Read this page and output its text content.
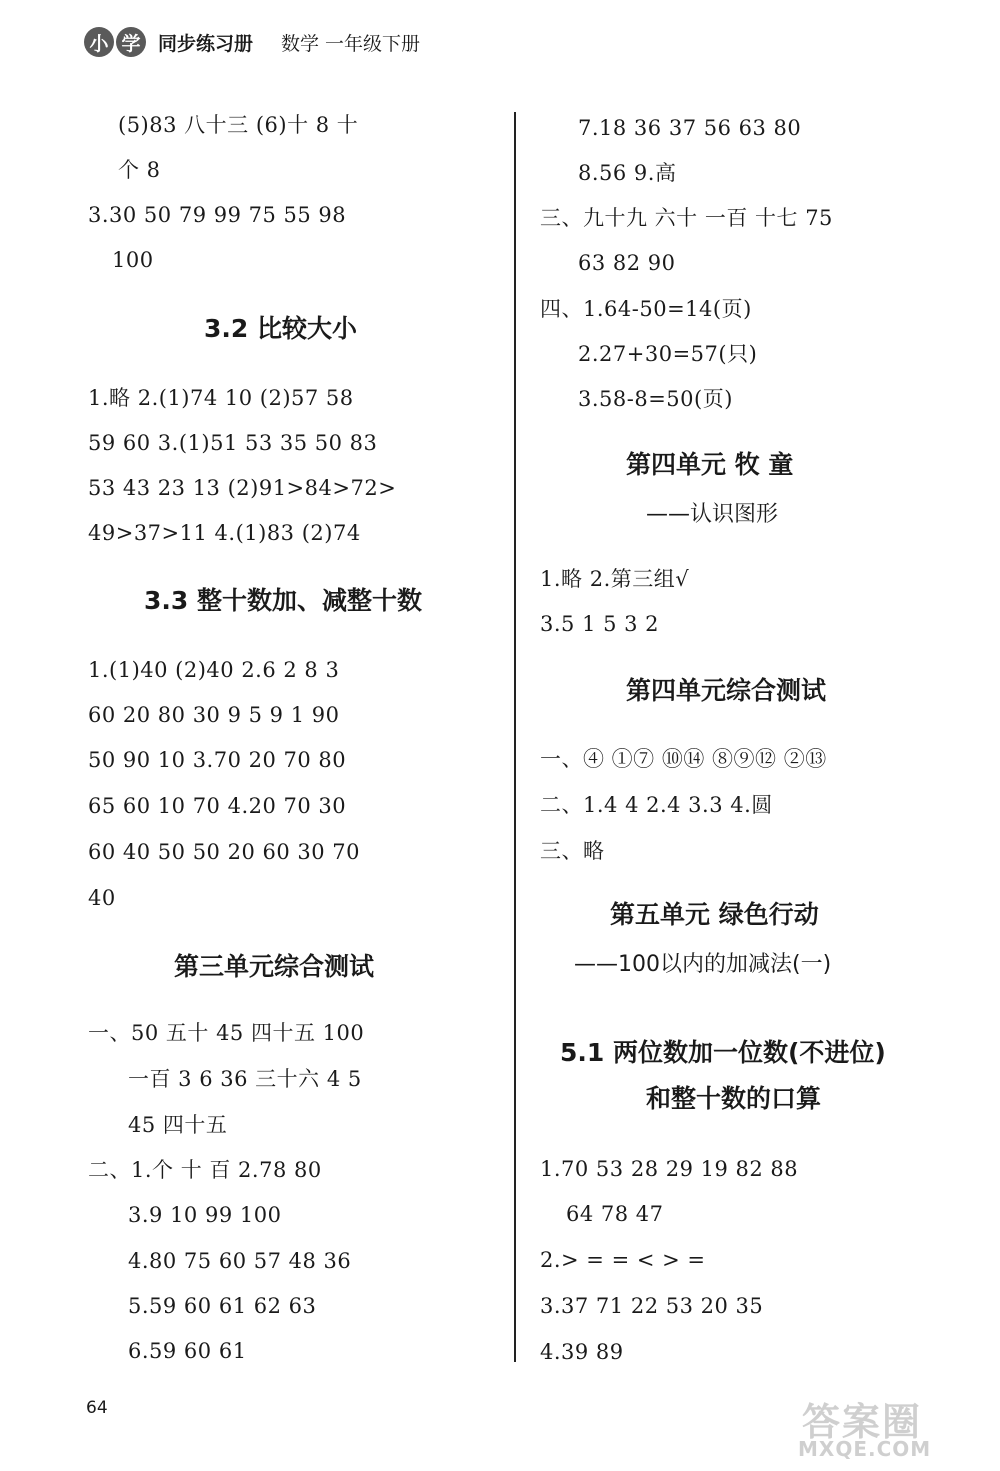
小 学 同步练习册 数学 一年级下册
(5)83 八十三 (6)十 8 十
个 8
3.30 50 79 99 75 55 98
100
3.2 比较大小
1.略 2.(1)74 10 (2)57 58
59 60 3.(1)51 53 35 50 83
53 43 23 13 (2)91>84>72>
49>37>11 4.(1)83 (2)74
3.3 整十数加、减整十数
1.(1)40 (2)40 2.6 2 8 3
60 20 80 30 9 5 9 1 90
50 90 10 3.70 20 70 80
65 60 10 70 4.20 70 30
60 40 50 50 20 60 30 70
40
第三单元综合测试
一、50 五十 45 四十五 100
一百 3 6 36 三十六 4 5
45 四十五
二、1.个 十 百 2.78 80
3.9 10 99 100
4.80 75 60 57 48 36
5.59 60 61 62 63
6.59 60 61
7.18 36 37 56 63 80
8.56 9.高
三、九十九 六十 一百 十七 75
63 82 90
四、1.64-50=14(页)
2.27+30=57(只)
3.58-8=50(页)
第四单元 牧 童
——认识图形
1.略 2.第三组√
3.5 1 5 3 2
第四单元综合测试
一、④ ①⑦ ⑩⑭ ⑧⑨⑫ ②⑬
二、1.4 4 2.4 3.3 4.圆
三、略
第五单元 绿色行动
——100以内的加减法(一)
5.1 两位数加一位数(不进位)
和整十数的口算
1.70 53 28 29 19 82 88
64 78 47
2.> = = < > =
3.37 71 22 53 20 35
4.39 89
64	答案圈
MXQE.COM
